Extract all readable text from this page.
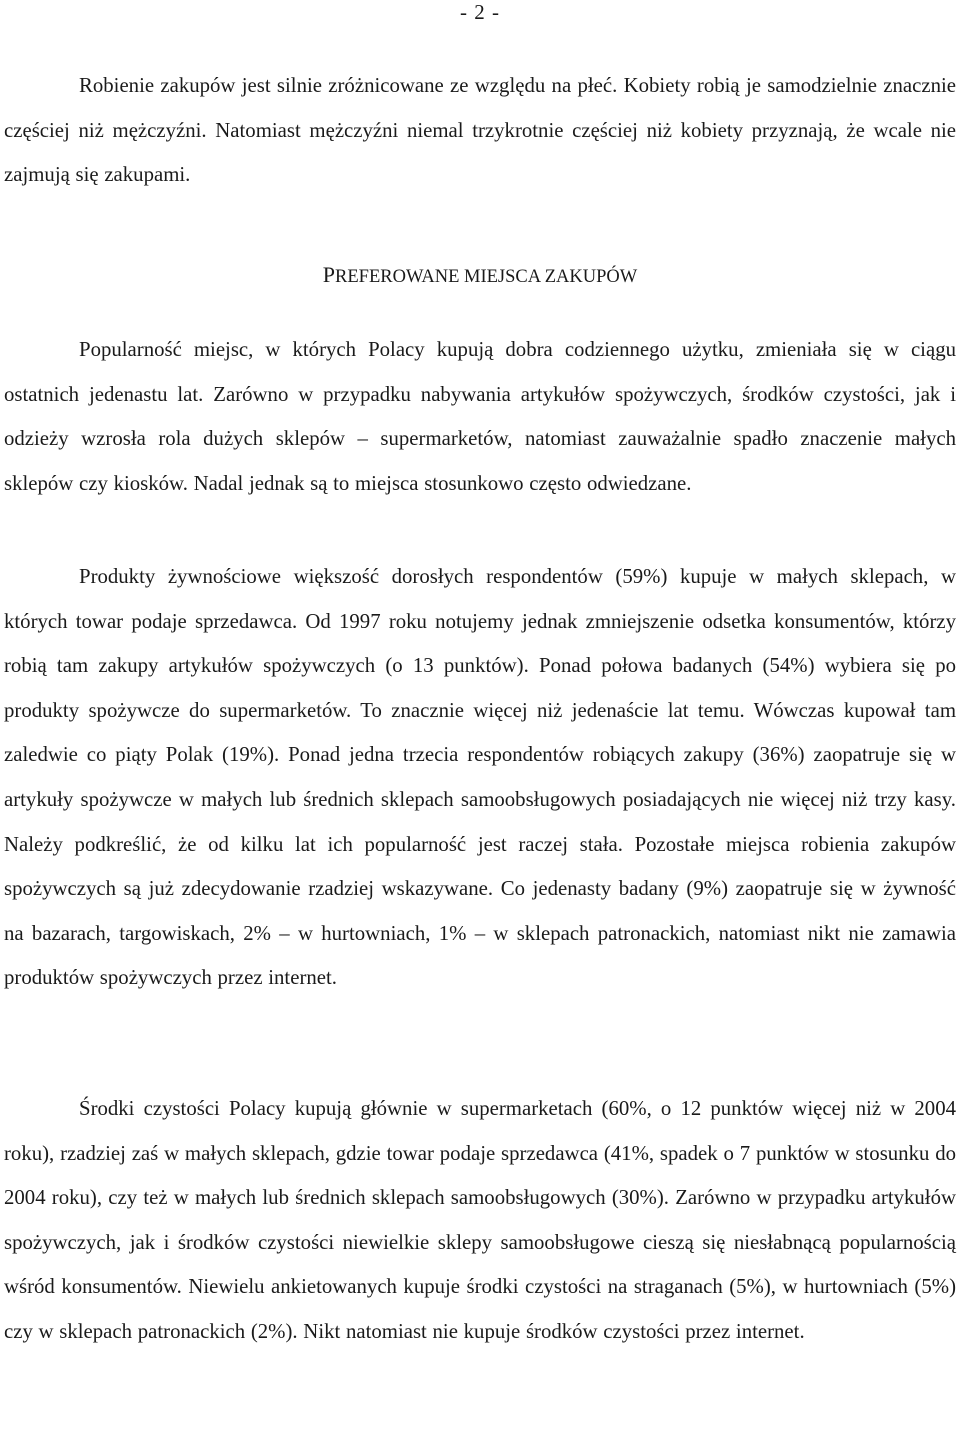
- 2 -

Robienie zakupów jest silnie zróżnicowane ze względu na płeć. Kobiety robią je samodzielnie znacznie częściej niż mężczyźni. Natomiast mężczyźni niemal trzykrotnie częściej niż kobiety przyznają, że wcale nie zajmują się zakupami.

PREFEROWANE MIEJSCA ZAKUPÓW

Popularność miejsc, w których Polacy kupują dobra codziennego użytku, zmieniała się w ciągu ostatnich jedenastu lat. Zarówno w przypadku nabywania artykułów spożywczych, środków czystości, jak i odzieży wzrosła rola dużych sklepów – supermarketów, natomiast zauważalnie spadło znaczenie małych sklepów czy kiosków. Nadal jednak są to miejsca stosunkowo często odwiedzane.

Produkty żywnościowe większość dorosłych respondentów (59%) kupuje w małych sklepach, w których towar podaje sprzedawca. Od 1997 roku notujemy jednak zmniejszenie odsetka konsumentów, którzy robią tam zakupy artykułów spożywczych (o 13 punktów). Ponad połowa badanych (54%) wybiera się po produkty spożywcze do supermarketów. To znacznie więcej niż jedenaście lat temu. Wówczas kupował tam zaledwie co piąty Polak (19%). Ponad jedna trzecia respondentów robiących zakupy (36%) zaopatruje się w artykuły spożywcze w małych lub średnich sklepach samoobsługowych posiadających nie więcej niż trzy kasy. Należy podkreślić, że od kilku lat ich popularność jest raczej stała. Pozostałe miejsca robienia zakupów spożywczych są już zdecydowanie rzadziej wskazywane. Co jedenasty badany (9%) zaopatruje się w żywność na bazarach, targowiskach, 2% – w hurtowniach, 1% – w sklepach patronackich, natomiast nikt nie zamawia produktów spożywczych przez internet.

Środki czystości Polacy kupują głównie w supermarketach (60%, o 12 punktów więcej niż w 2004 roku), rzadziej zaś w małych sklepach, gdzie towar podaje sprzedawca (41%, spadek o 7 punktów w stosunku do 2004 roku), czy też w małych lub średnich sklepach samoobsługowych (30%). Zarówno w przypadku artykułów spożywczych, jak i środków czystości niewielkie sklepy samoobsługowe cieszą się niesłabnącą popularnością wśród konsumentów. Niewielu ankietowanych kupuje środki czystości na straganach (5%), w hurtowniach (5%) czy w sklepach patronackich (2%). Nikt natomiast nie kupuje środków czystości przez internet.
